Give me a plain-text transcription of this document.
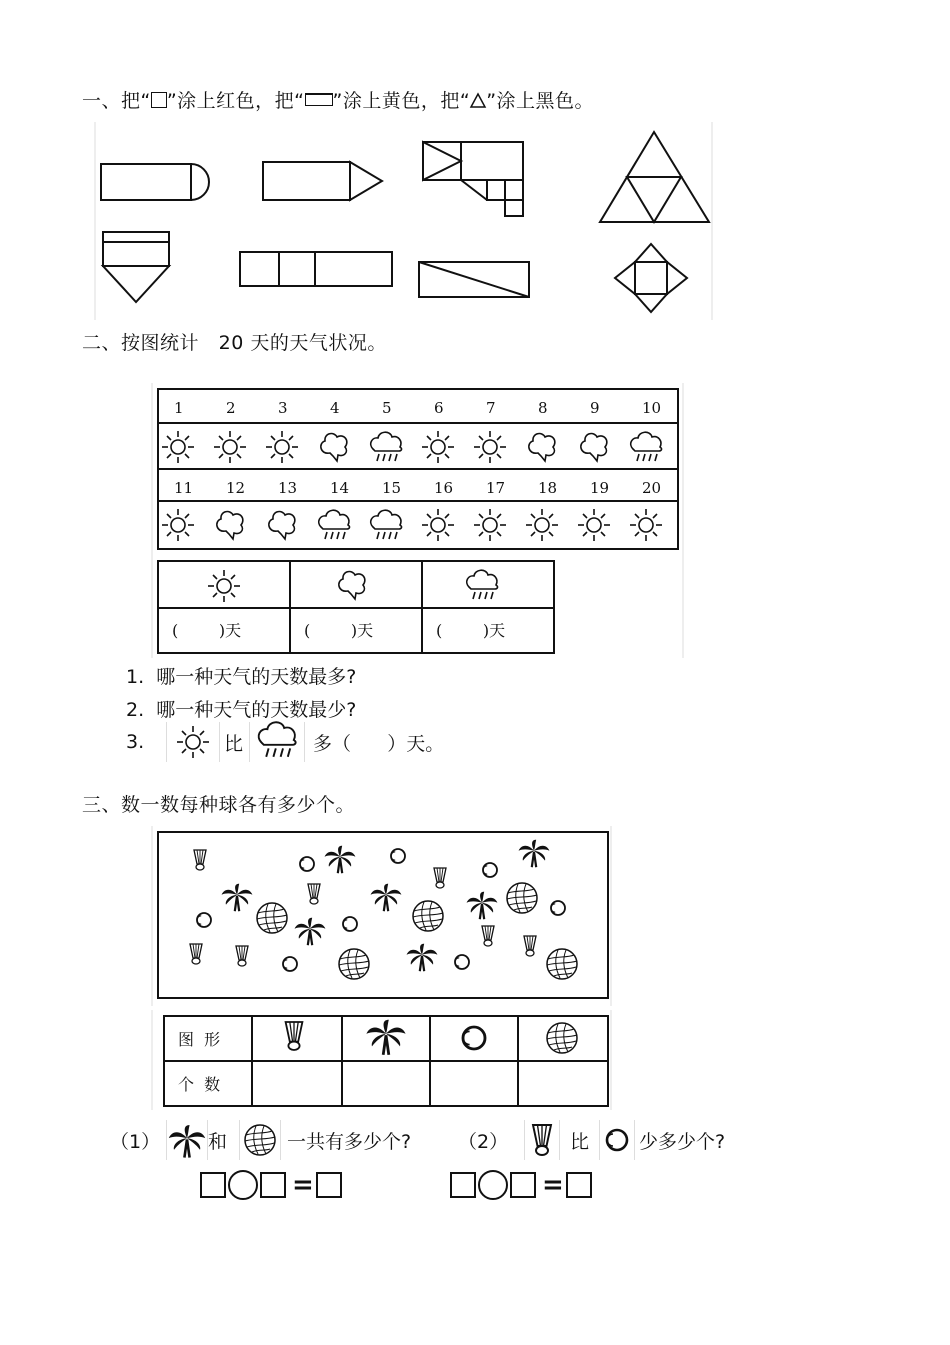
一、把“ ”涂上红色，把“ ”涂上黄色，把“ ”涂上黑色。
二、按图统计   20 天的天气状况。
1	2	3	4	5	6	7	8	9	10
11 12 13 14 15 16 17 18 19 20
(        )天	(        )天	(        )天
1. 哪一种天气的天数最多?
2. 哪一种天气的天数最少?
3.	比	多（      ）天。
三、数一数每种球各有多少个。
图  形
个  数
（1）	和	一共有多少个? （2）	比	少多少个?
=	=
